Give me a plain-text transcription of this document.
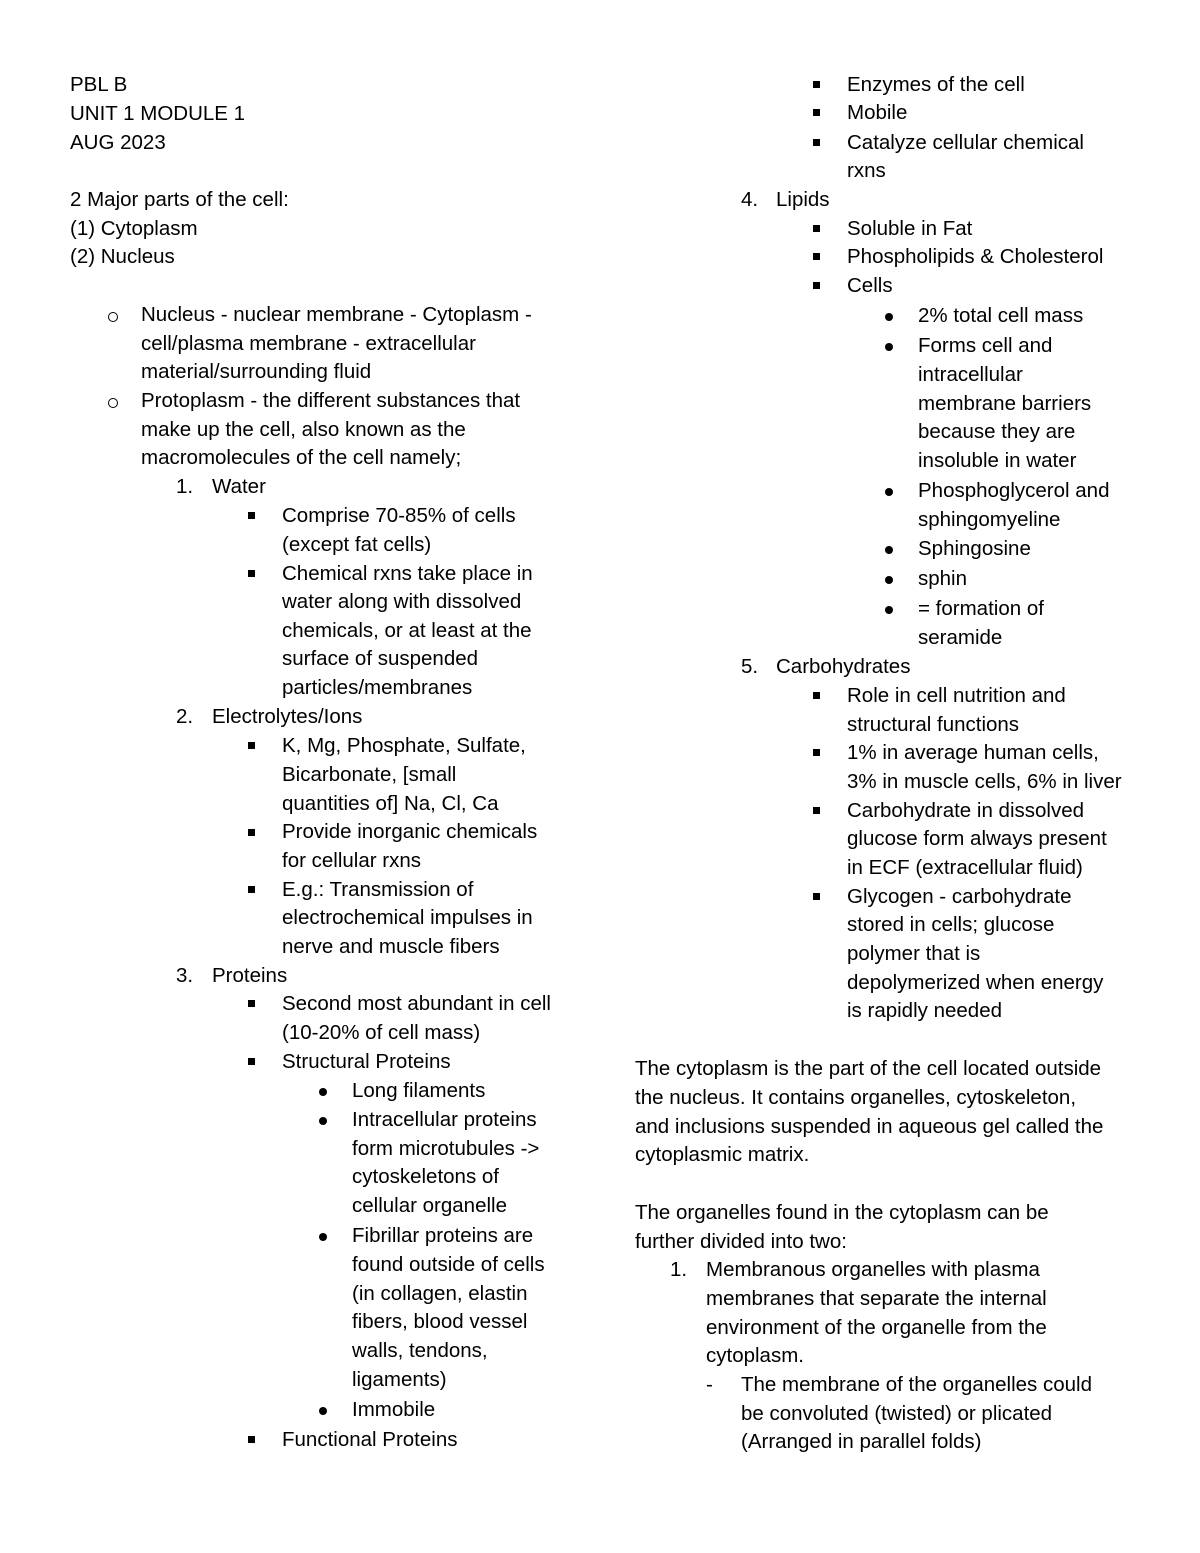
PBL B

UNIT 1 MODULE 1

AUG 2023

2 Major parts of the cell:

(1) Cytoplasm

(2) Nucleus

Nucleus - nuclear membrane - Cytoplasm -

cell/plasma membrane - extracellular

material/surrounding fluid

Protoplasm - the different substances that

make up the cell, also known as the

macromolecules of the cell namely;

1. Water

Comprise 70-85% of cells

(except fat cells)

Chemical rxns take place in

water along with dissolved

chemicals, or at least at the

surface of suspended

particles/membranes

2. Electrolytes/Ions

K, Mg, Phosphate, Sulfate,

Bicarbonate, [small

quantities of] Na, Cl, Ca

Provide inorganic chemicals

for cellular rxns

E.g.: Transmission of

electrochemical impulses in

nerve and muscle fibers

3. Proteins

Second most abundant in cell

(10-20% of cell mass)

Structural Proteins

Long filaments

Intracellular proteins

form microtubules ->

cytoskeletons of

cellular organelle

Fibrillar proteins are

found outside of cells

(in collagen, elastin

fibers, blood vessel

walls, tendons,

ligaments)

Immobile

Functional Proteins

Enzymes of the cell

Mobile

Catalyze cellular chemical

rxns

4. Lipids

Soluble in Fat

Phospholipids & Cholesterol

Cells

2% total cell mass

Forms cell and

intracellular

membrane barriers

because they are

insoluble in water

Phosphoglycerol and

sphingomyeline

Sphingosine

sphin

= formation of

seramide

5. Carbohydrates

Role in cell nutrition and

structural functions

1% in average human cells,

3% in muscle cells, 6% in liver

Carbohydrate in dissolved

glucose form always present

in ECF (extracellular fluid)

Glycogen - carbohydrate

stored in cells; glucose

polymer that is

depolymerized when energy

is rapidly needed

The cytoplasm is the part of the cell located outside

the nucleus. It contains organelles, cytoskeleton,

and inclusions suspended in aqueous gel called the

cytoplasmic matrix.

The organelles found in the cytoplasm can be

further divided into two:

1. Membranous organelles with plasma

membranes that separate the internal

environment of the organelle from the

cytoplasm.

- The membrane of the organelles could

be convoluted (twisted) or plicated

(Arranged in parallel folds)
